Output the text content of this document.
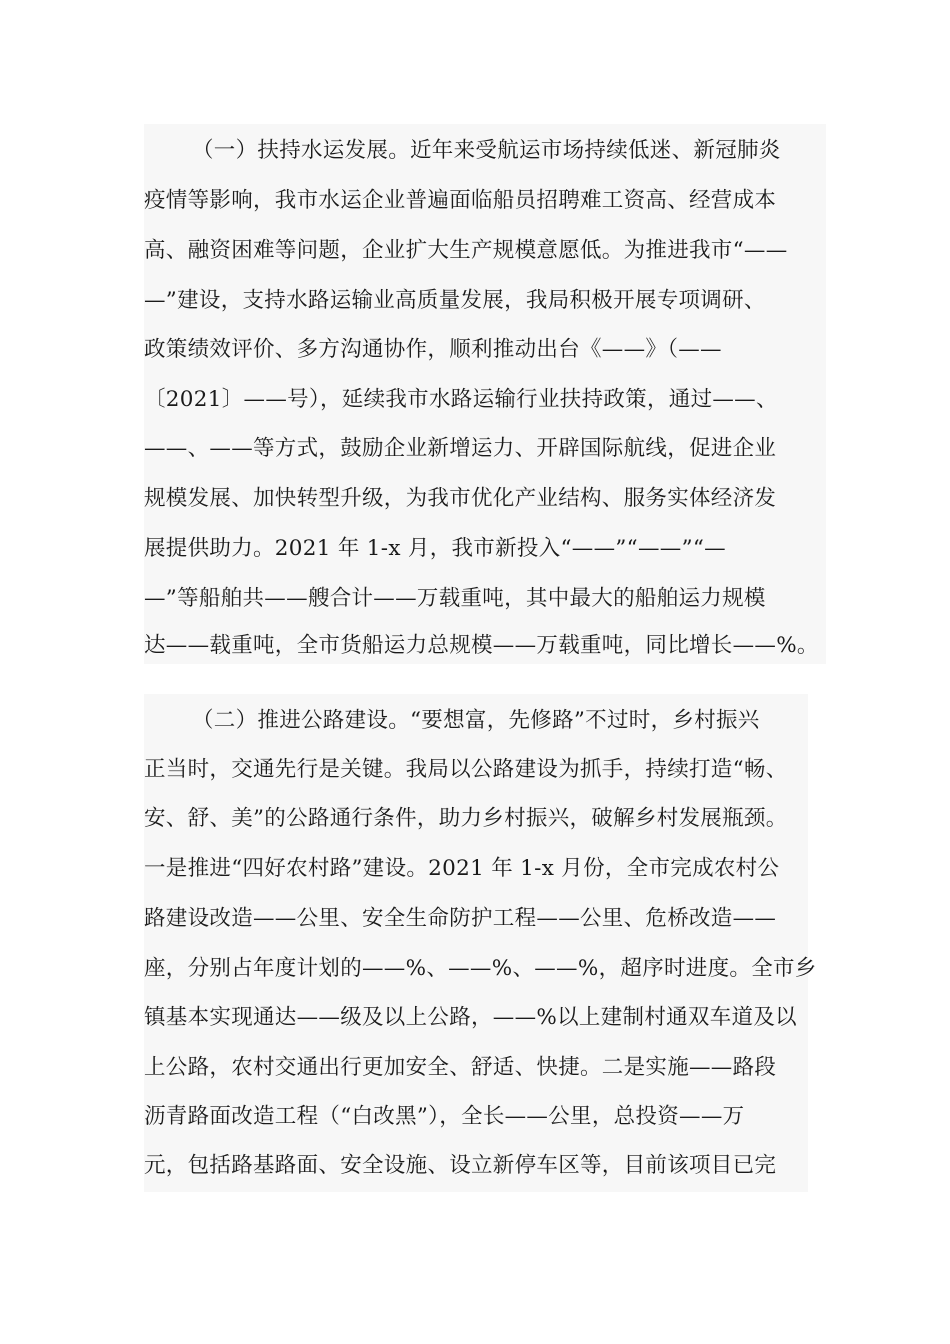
（一）扶持水运发展。近年来受航运市场持续低迷、新冠肺炎
疫情等影响，我市水运企业普遍面临船员招聘难工资高、经营成本
高、融资困难等问题，企业扩大生产规模意愿低。为推进我市“——
—”建设，支持水路运输业高质量发展，我局积极开展专项调研、
政策绩效评价、多方沟通协作，顺利推动出台《——》（——
〔2021〕——号），延续我市水路运输行业扶持政策，通过——、
——、——等方式，鼓励企业新增运力、开辟国际航线，促进企业
规模发展、加快转型升级，为我市优化产业结构、服务实体经济发
展提供助力。2021 年 1-x 月，我市新投入“——”“——”“—
—”等船舶共——艘合计——万载重吨，其中最大的船舶运力规模
达——载重吨，全市货船运力总规模——万载重吨，同比增长——%。
（二）推进公路建设。“要想富，先修路”不过时，乡村振兴
正当时，交通先行是关键。我局以公路建设为抓手，持续打造“畅、
安、舒、美”的公路通行条件，助力乡村振兴，破解乡村发展瓶颈。
一是推进“四好农村路”建设。2021 年 1-x 月份，全市完成农村公
路建设改造——公里、安全生命防护工程——公里、危桥改造——
座，分别占年度计划的——%、——%、——%，超序时进度。全市乡
镇基本实现通达——级及以上公路，——%以上建制村通双车道及以
上公路，农村交通出行更加安全、舒适、快捷。二是实施——路段
沥青路面改造工程（“白改黑”），全长——公里，总投资——万
元，包括路基路面、安全设施、设立新停车区等，目前该项目已完
